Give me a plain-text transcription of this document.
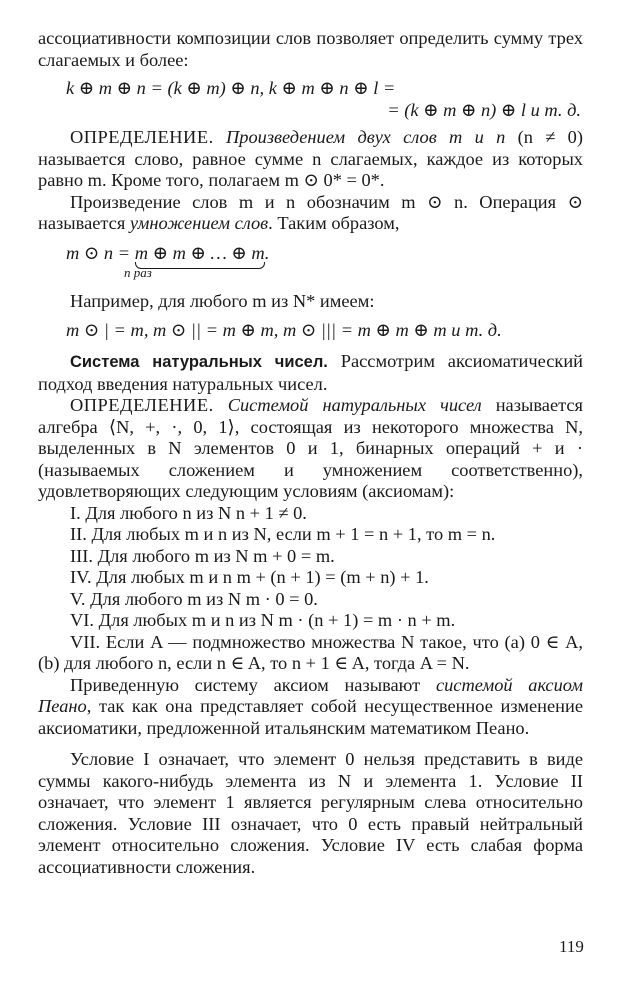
ассоциативности композиции слов позволяет определить сумму трех слагаемых и более:

k ⊕ m ⊕ n = (k ⊕ m) ⊕ n, k ⊕ m ⊕ n ⊕ l =
= (k ⊕ m ⊕ n) ⊕ l и т. д.

ОПРЕДЕЛЕНИЕ. Произведением двух слов m и n (n ≠ 0) называется слово, равное сумме n слагаемых, каждое из которых равно m. Кроме того, полагаем m ⊙ 0* = 0*.

Произведение слов m и n обозначим m ⊙ n. Операция ⊙ называется умножением слов. Таким образом,

m ⊙ n = m ⊕ m ⊕ … ⊕ m
.
n раз

Например, для любого m из N* имеем:

m ⊙ | = m, m ⊙ || = m ⊕ m, m ⊙ ||| = m ⊕ m ⊕ m и т. д.

Система натуральных чисел. Рассмотрим аксиоматический подход введения натуральных чисел.

ОПРЕДЕЛЕНИЕ. Системой натуральных чисел называется алгебра ⟨N, +, ·, 0, 1⟩, состоящая из некоторого множества N, выделенных в N элементов 0 и 1, бинарных операций + и · (называемых сложением и умножением соответственно), удовлетворяющих следующим условиям (аксиомам):

I. Для любого n из N n + 1 ≠ 0.

II. Для любых m и n из N, если m + 1 = n + 1, то m = n.

III. Для любого m из N m + 0 = m.

IV. Для любых m и n m + (n + 1) = (m + n) + 1.

V. Для любого m из N m · 0 = 0.

VI. Для любых m и n из N m · (n + 1) = m · n + m.

VII. Если A — подмножество множества N такое, что (a) 0 ∈ A, (b) для любого n, если n ∈ A, то n + 1 ∈ A, тогда A = N.

Приведенную систему аксиом называют системой аксиом Пеано, так как она представляет собой несущественное изменение аксиоматики, предложенной итальянским математиком Пеано.

Условие I означает, что элемент 0 нельзя представить в виде суммы какого-нибудь элемента из N и элемента 1. Условие II означает, что элемент 1 является регулярным слева относительно сложения. Условие III означает, что 0 есть правый нейтральный элемент относительно сложения. Условие IV есть слабая форма ассоциативности сложения.

119
